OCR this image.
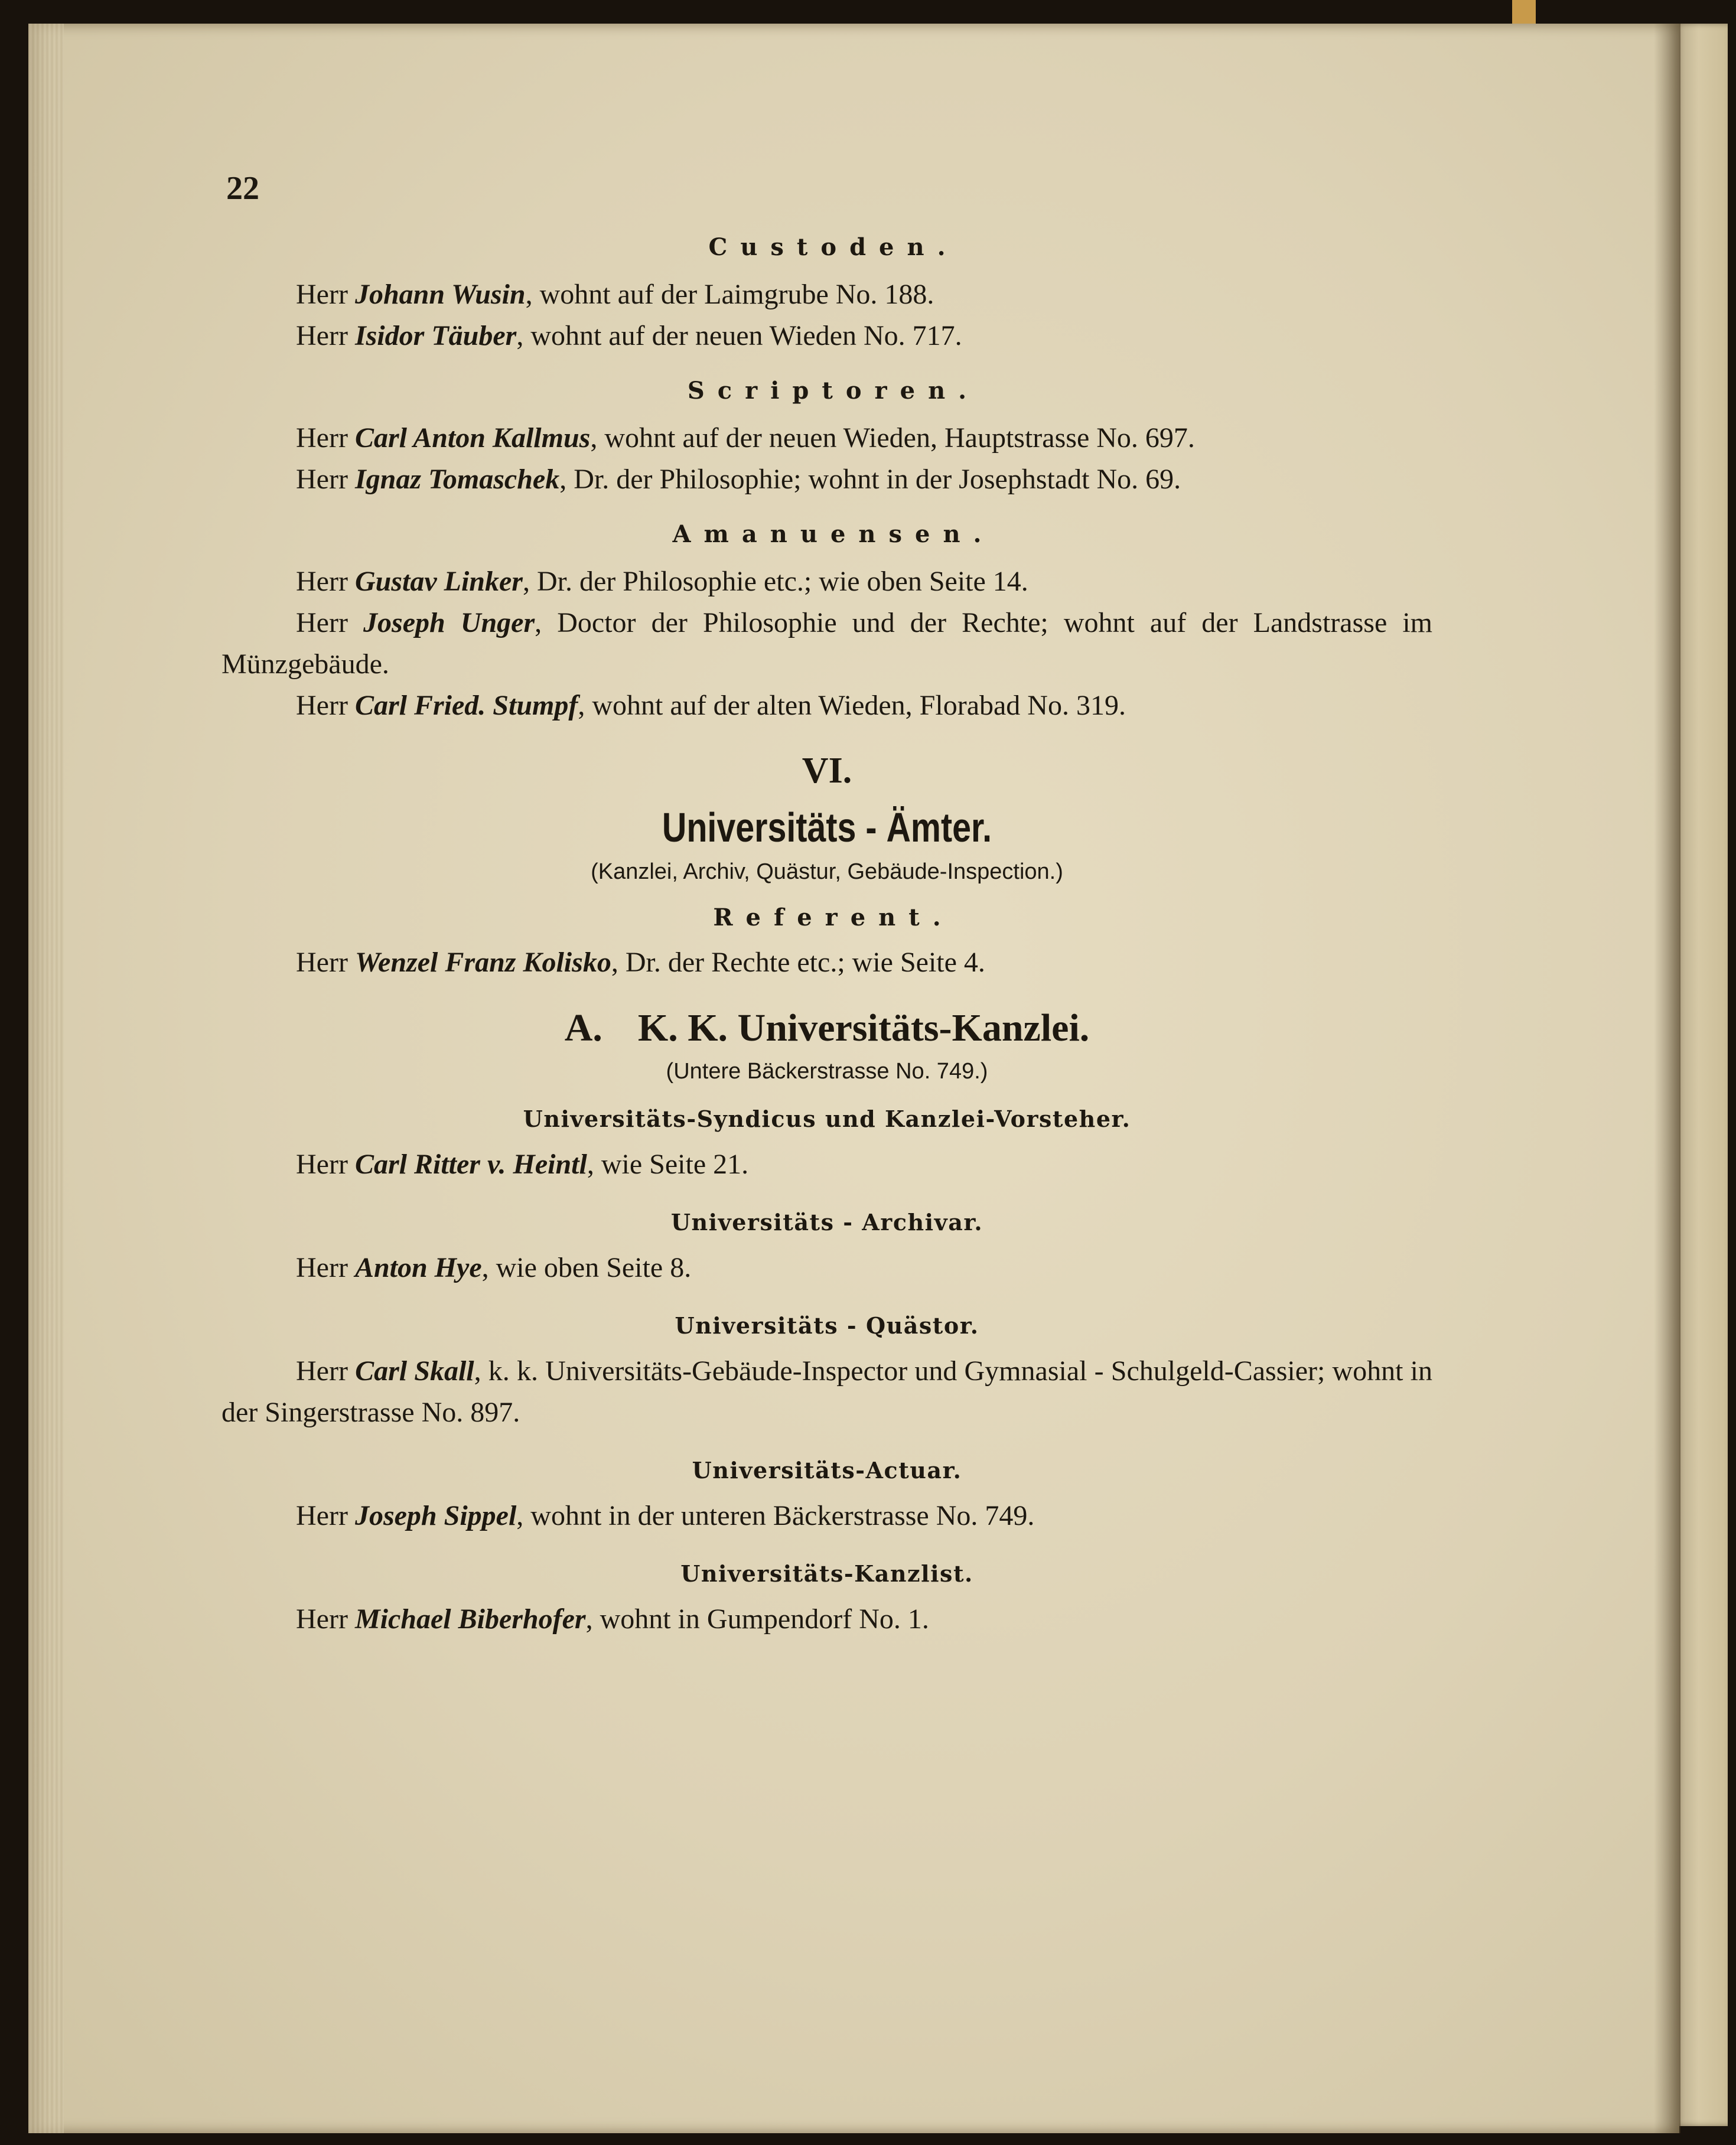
22

Custoden.

Herr Johann Wusin, wohnt auf der Laimgrube No. 188.

Herr Isidor Täuber, wohnt auf der neuen Wieden No. 717.

Scriptoren.

Herr Carl Anton Kallmus, wohnt auf der neuen Wieden, Hauptstrasse No. 697.

Herr Ignaz Tomaschek, Dr. der Philosophie; wohnt in der Josephstadt No. 69.

Amanuensen.

Herr Gustav Linker, Dr. der Philosophie etc.; wie oben Seite 14.

Herr Joseph Unger, Doctor der Philosophie und der Rechte; wohnt auf der Landstrasse im Münzgebäude.

Herr Carl Fried. Stumpf, wohnt auf der alten Wieden, Florabad No. 319.

VI.

Universitäts - Ämter.

(Kanzlei, Archiv, Quästur, Gebäude-Inspection.)

Referent.

Herr Wenzel Franz Kolisko, Dr. der Rechte etc.; wie Seite 4.

A. K. K. Universitäts-Kanzlei.

(Untere Bäckerstrasse No. 749.)

Universitäts-Syndicus und Kanzlei-Vorsteher.

Herr Carl Ritter v. Heintl, wie Seite 21.

Universitäts - Archivar.

Herr Anton Hye, wie oben Seite 8.

Universitäts - Quästor.

Herr Carl Skall, k. k. Universitäts-Gebäude-Inspector und Gymnasial - Schulgeld-Cassier; wohnt in der Singerstrasse No. 897.

Universitäts-Actuar.

Herr Joseph Sippel, wohnt in der unteren Bäckerstrasse No. 749.

Universitäts-Kanzlist.

Herr Michael Biberhofer, wohnt in Gumpendorf No. 1.
